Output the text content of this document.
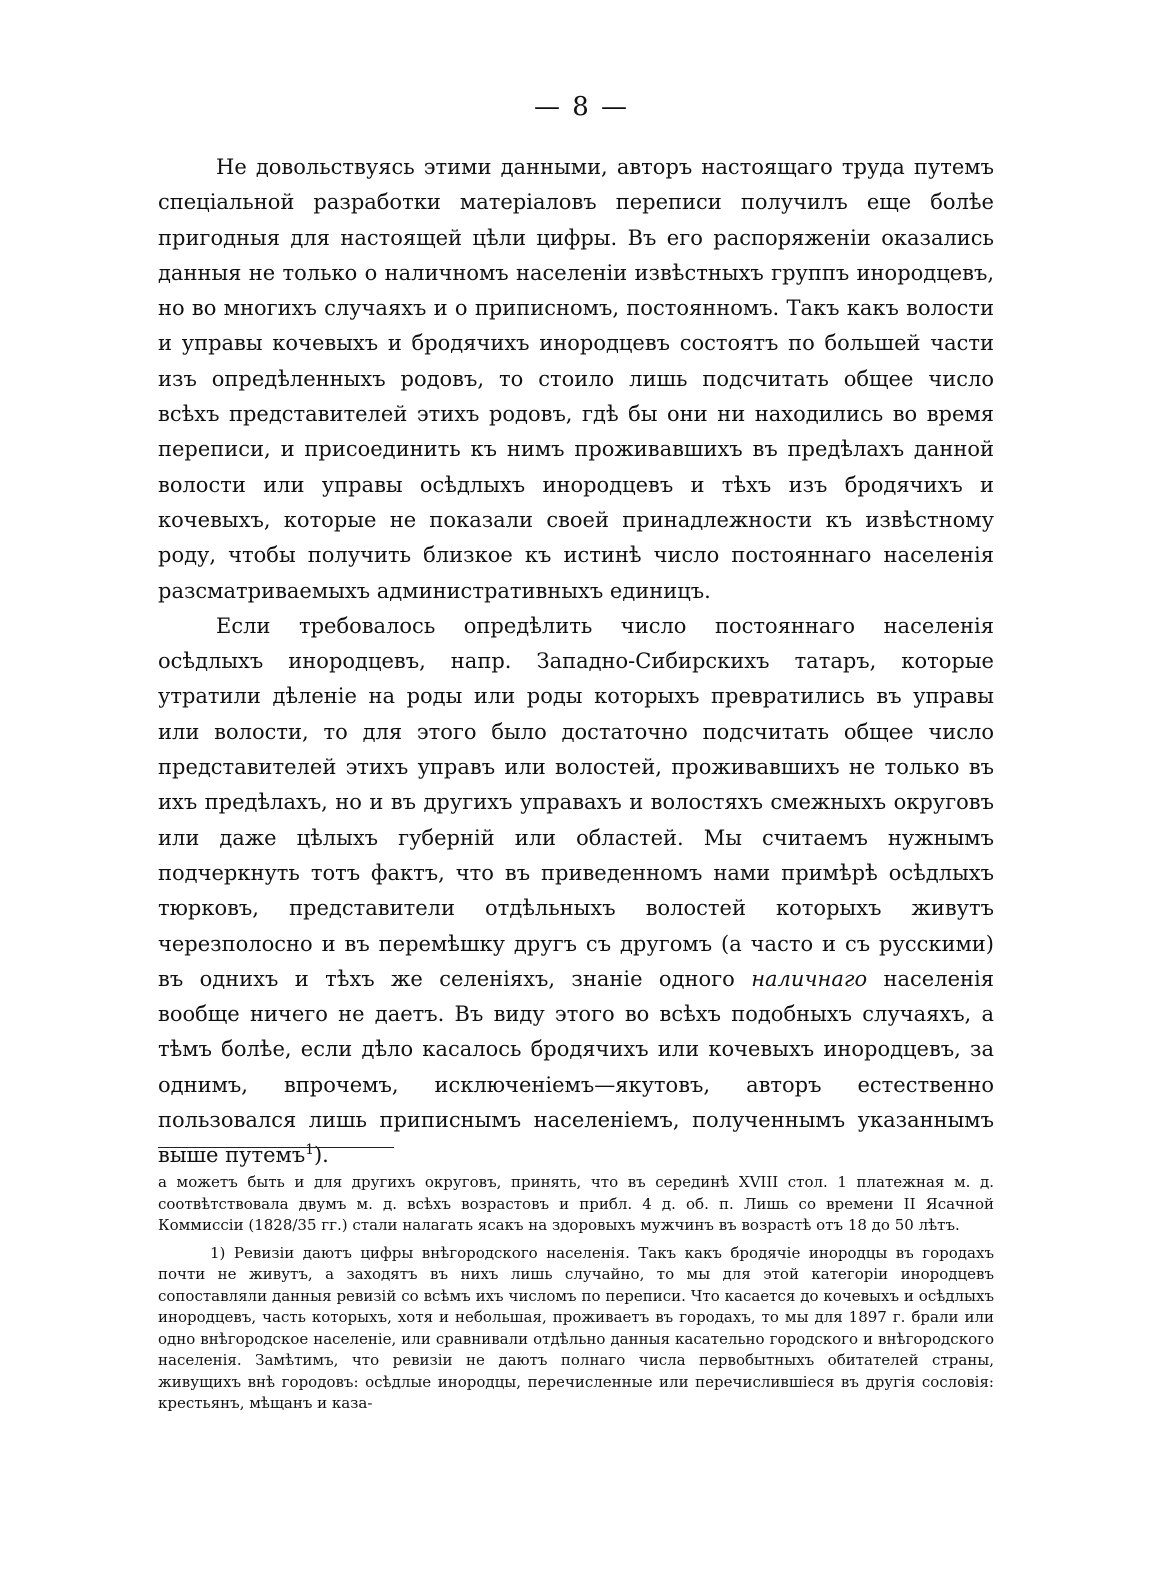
— 8 —

Не довольствуясь этими данными, авторъ настоящаго труда путемъ спеціальной разработки матеріаловъ переписи получилъ еще болѣе пригодныя для настоящей цѣли цифры. Въ его распоряженіи оказались данныя не только о наличномъ населеніи извѣстныхъ группъ инородцевъ, но во многихъ случаяхъ и о приписномъ, постоянномъ. Такъ какъ волости и управы кочевыхъ и бродячихъ инородцевъ состоятъ по большей части изъ опредѣленныхъ родовъ, то стоило лишь подсчитать общее число всѣхъ представителей этихъ родовъ, гдѣ бы они ни находились во время переписи, и присоединить къ нимъ проживавшихъ въ предѣлахъ данной волости или управы осѣдлыхъ инородцевъ и тѣхъ изъ бродячихъ и кочевыхъ, которые не показали своей принадлежности къ извѣстному роду, чтобы получить близкое къ истинѣ число постояннаго населенія разсматриваемыхъ административныхъ единицъ.

Если требовалось опредѣлить число постояннаго населенія осѣдлыхъ инородцевъ, напр. Западно-Сибирскихъ татаръ, которые утратили дѣленіе на роды или роды которыхъ превратились въ управы или волости, то для этого было достаточно подсчитать общее число представителей этихъ управъ или волостей, проживавшихъ не только въ ихъ предѣлахъ, но и въ другихъ управахъ и волостяхъ смежныхъ округовъ или даже цѣлыхъ губерній или областей. Мы считаемъ нужнымъ подчеркнуть тотъ фактъ, что въ приведенномъ нами примѣрѣ осѣдлыхъ тюрковъ, представители отдѣльныхъ волостей которыхъ живутъ черезполосно и въ перемѣшку другъ съ другомъ (а часто и съ русскими) въ однихъ и тѣхъ же селеніяхъ, знаніе одного наличнаго населенія вообще ничего не даетъ. Въ виду этого во всѣхъ подобныхъ случаяхъ, а тѣмъ болѣе, если дѣло касалось бродячихъ или кочевыхъ инородцевъ, за однимъ, впрочемъ, исключеніемъ—якутовъ, авторъ естественно пользовался лишь приписнымъ населеніемъ, полученнымъ указаннымъ выше путемъ$^1$).

а можетъ быть и для другихъ округовъ, принять, что въ серединѣ XVIII стол. 1 платежная м. д. соотвѣтствовала двумъ м. д. всѣхъ возрастовъ и прибл. 4 д. об. п. Лишь со времени II Ясачной Коммиссіи (1828/35 гг.) стали налагать ясакъ на здоровыхъ мужчинъ въ возрастѣ отъ 18 до 50 лѣтъ.

1) Ревизіи даютъ цифры внѣгородского населенія. Такъ какъ бродячіе инородцы въ городахъ почти не живутъ, а заходятъ въ нихъ лишь случайно, то мы для этой категоріи инородцевъ сопоставляли данныя ревизій со всѣмъ ихъ числомъ по переписи. Что касается до кочевыхъ и осѣдлыхъ инородцевъ, часть которыхъ, хотя и небольшая, проживаетъ въ городахъ, то мы для 1897 г. брали или одно внѣгородское населеніе, или сравнивали отдѣльно данныя касательно городского и внѣгородского населенія. Замѣтимъ, что ревизіи не даютъ полнаго числа первобытныхъ обитателей страны, живущихъ внѣ городовъ: осѣдлые инородцы, перечисленные или перечислившіеся въ другія сословія: крестьянъ, мѣщанъ и каза-
